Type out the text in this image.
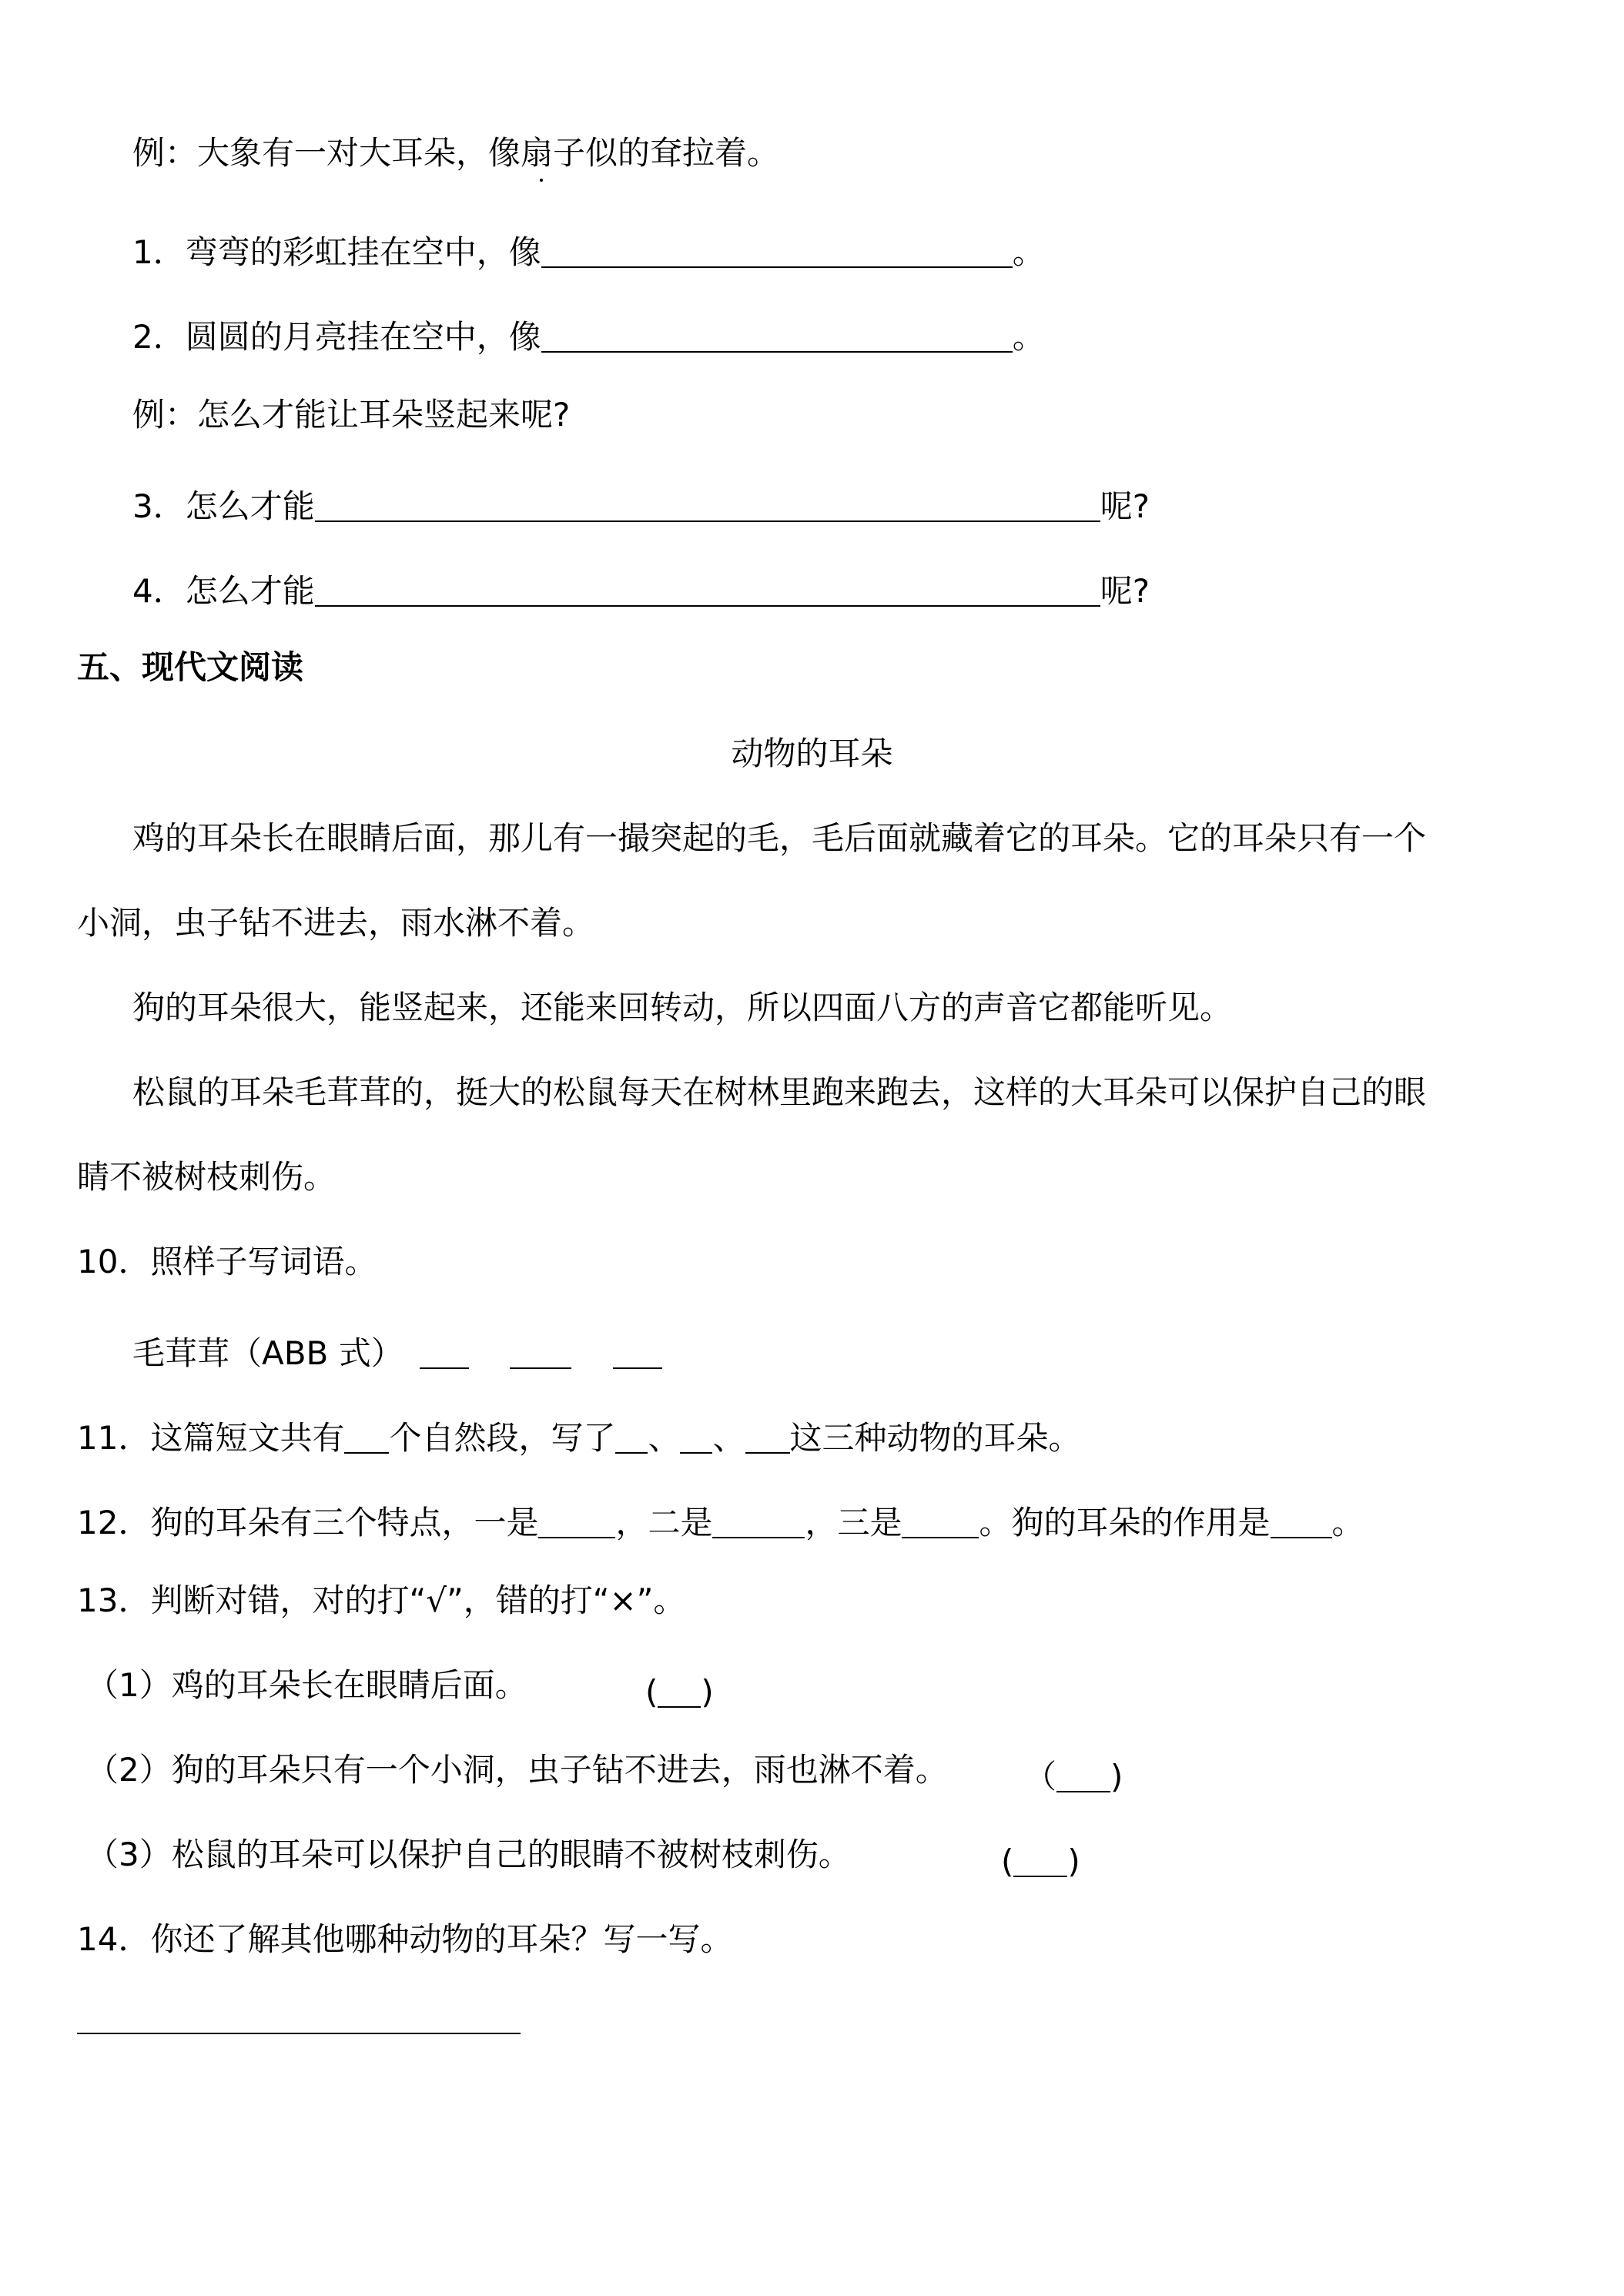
例：大象有一对大耳朵，像扇子似的耷拉着。
1．弯弯的彩虹挂在空中，像	。
2．圆圆的月亮挂在空中，像	。
例：怎么才能让耳朵竖起来呢?
3．怎么才能	呢?
4．怎么才能	呢?
五、现代文阅读
动物的耳朵
鸡的耳朵长在眼睛后面，那儿有一撮突起的毛，毛后面就藏着它的耳朵。它的耳朵只有一个
小洞，虫子钻不进去，雨水淋不着。
狗的耳朵很大，能竖起来，还能来回转动，所以四面八方的声音它都能听见。
松鼠的耳朵毛茸茸的，挺大的松鼠每天在树林里跑来跑去，这样的大耳朵可以保护自己的眼
睛不被树枝刺伤。
10．照样子写词语。
毛茸茸（ABB 式）
11．这篇短文共有 个自然段，写了 、 、 这三种动物的耳朵。
12．狗的耳朵有三个特点，一是 ，二是	，三是 。狗的耳朵的作用是 。
13．判断对错，对的打“√”，错的打“×”。
（1）鸡的耳朵长在眼睛后面。	( )
（2）狗的耳朵只有一个小洞，虫子钻不进去，雨也淋不着。 （ )
（3）松鼠的耳朵可以保护自己的眼睛不被树枝刺伤。	( )
14．你还了解其他哪种动物的耳朵？写一写。
